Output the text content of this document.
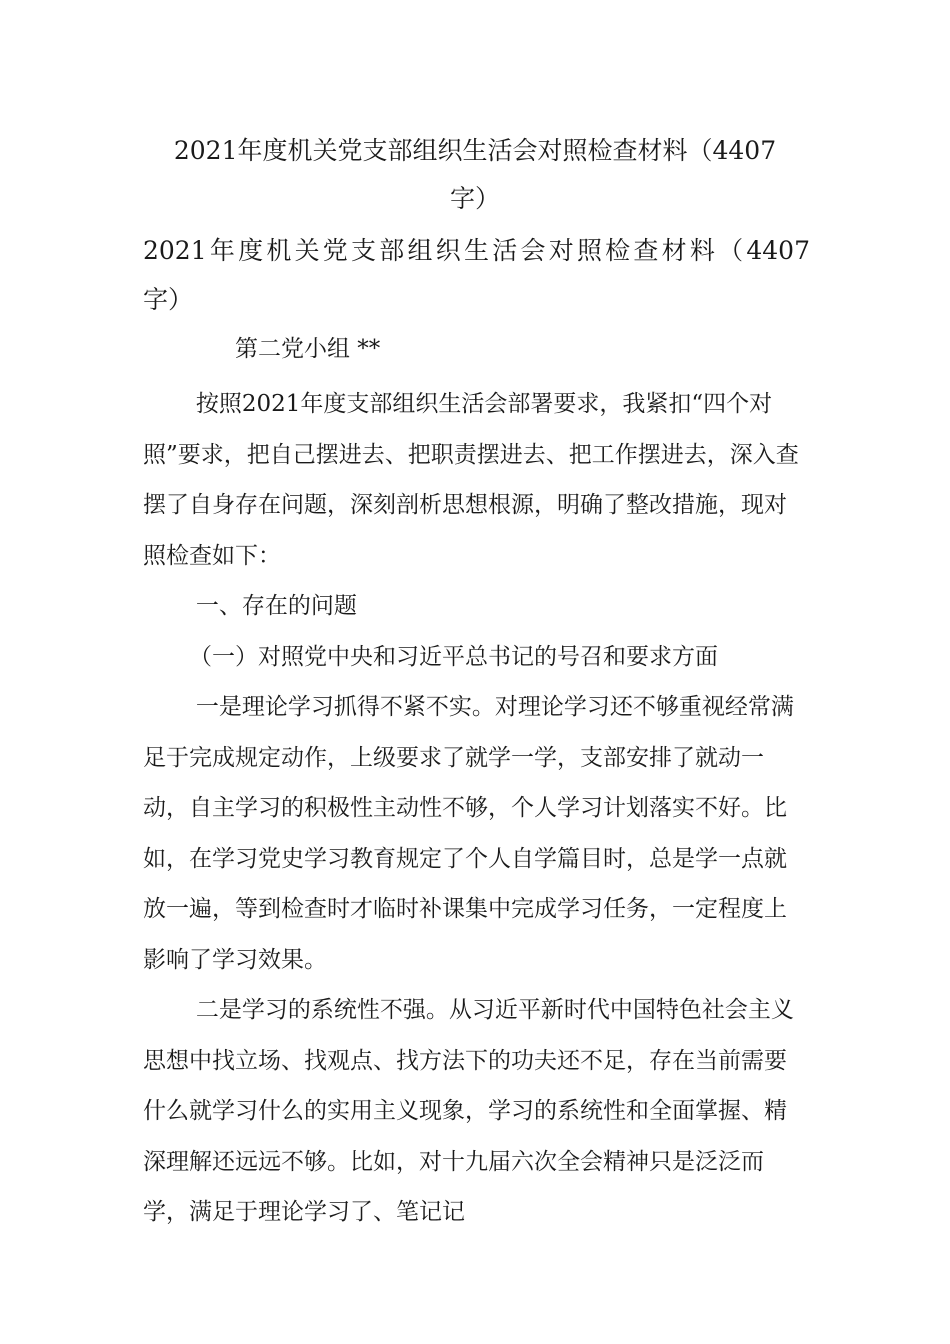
2021年度机关党支部组织生活会对照检查材料（4407
字）
2021年度机关党支部组织生活会对照检查材料（4407
字）
第二党小组 **

按照2021年度支部组织生活会部署要求，我紧扣“四个对照”要求，把自己摆进去、把职责摆进去、把工作摆进去，深入查摆了自身存在问题，深刻剖析思想根源，明确了整改措施，现对照检查如下：

一、存在的问题

（一）对照党中央和习近平总书记的号召和要求方面

一是理论学习抓得不紧不实。对理论学习还不够重视经常满足于完成规定动作，上级要求了就学一学，支部安排了就动一动，自主学习的积极性主动性不够，个人学习计划落实不好。比如，在学习党史学习教育规定了个人自学篇目时，总是学一点就放一遍，等到检查时才临时补课集中完成学习任务，一定程度上影响了学习效果。

二是学习的系统性不强。从习近平新时代中国特色社会主义思想中找立场、找观点、找方法下的功夫还不足，存在当前需要什么就学习什么的实用主义现象，学习的系统性和全面掌握、精深理解还远远不够。比如，对十九届六次全会精神只是泛泛而学，满足于理论学习了、笔记记
